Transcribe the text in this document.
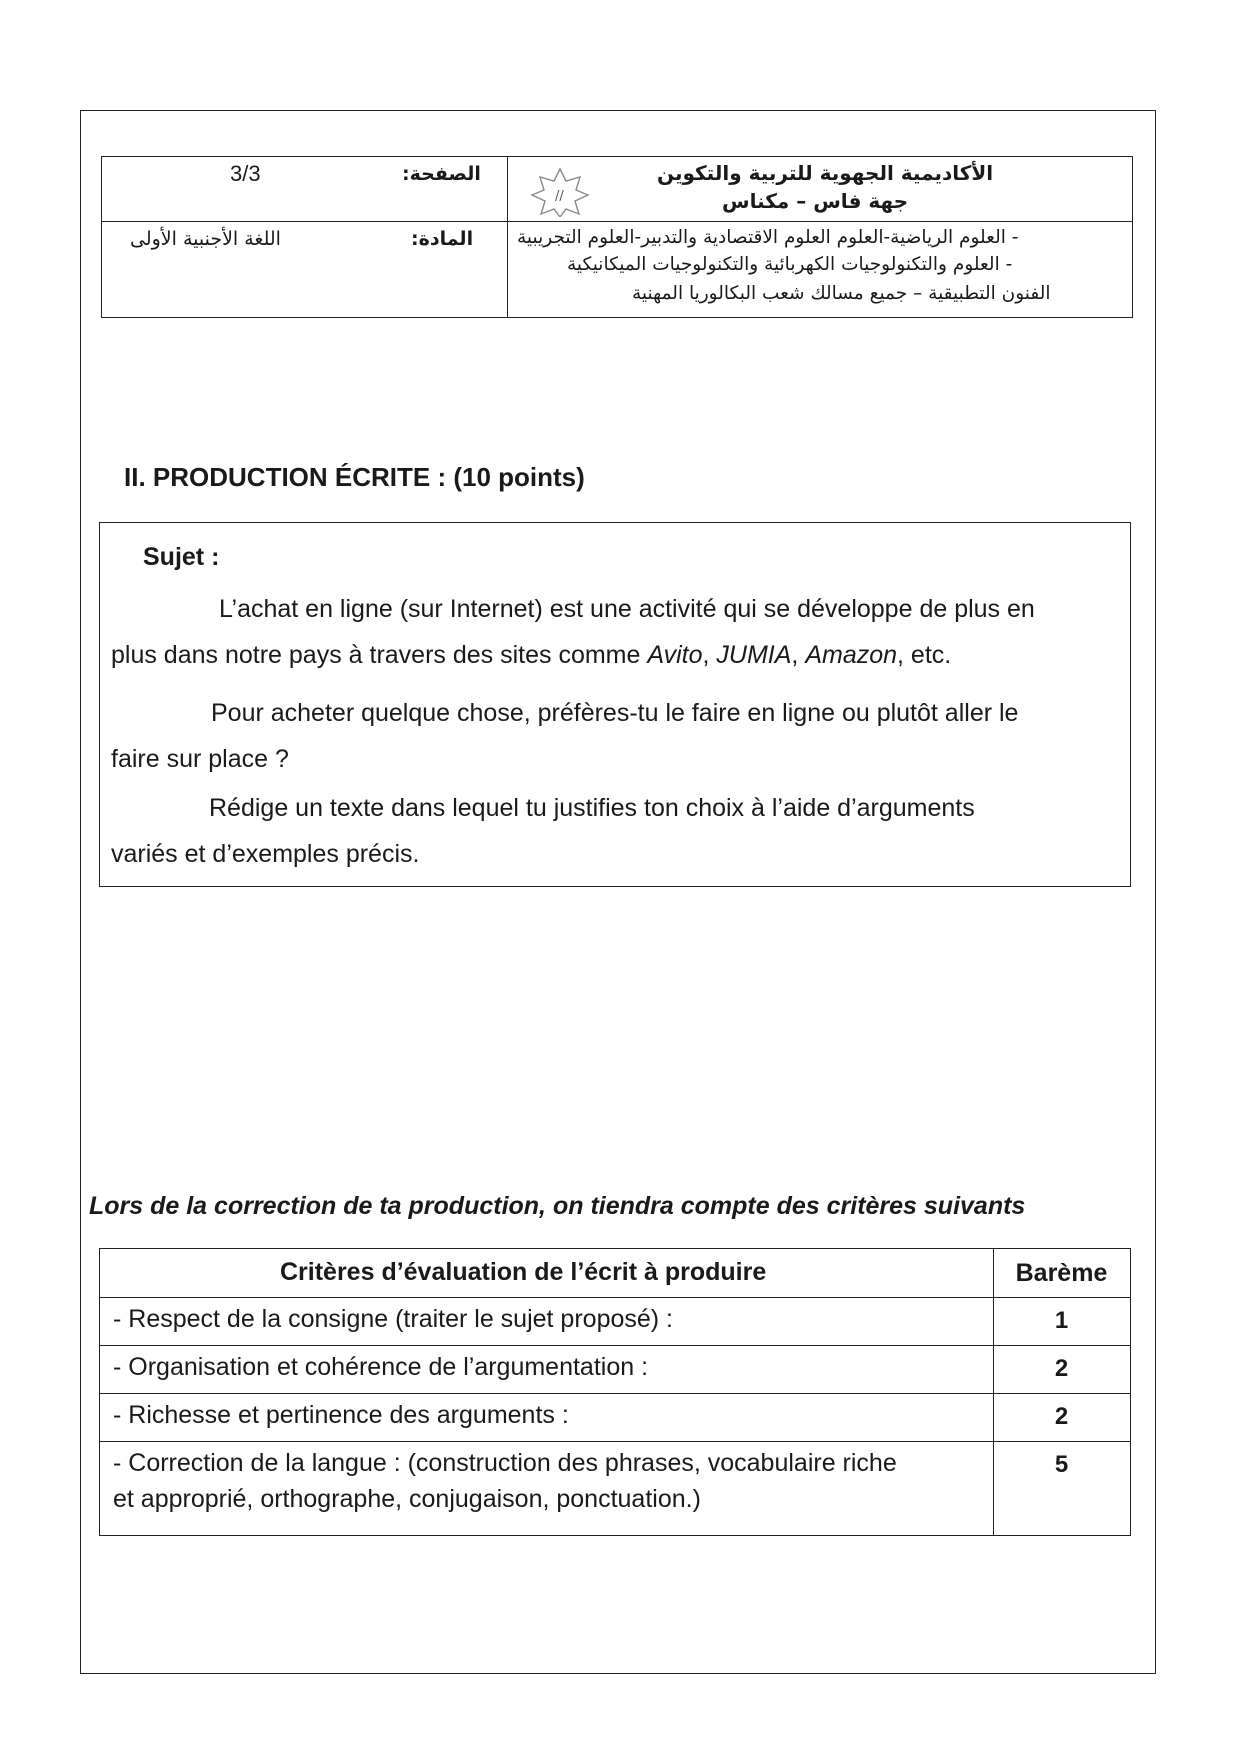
3/3	الصفحة:
اللغة الأجنبية الأولى	المادة:
الأكاديمية الجهوية للتربية والتكوين
جهة فاس – مكناس
//
- العلوم الرياضية-العلوم العلوم الاقتصادية والتدبير-العلوم التجريبية
- العلوم والتكنولوجيات الكهربائية والتكنولوجيات الميكانيكية
الفنون التطبيقية – جميع مسالك شعب البكالوريا المهنية
II. PRODUCTION ÉCRITE : (10 points)
Sujet :
L’achat en ligne (sur Internet) est une activité qui se développe de plus en
plus dans notre pays à travers des sites comme Avito, JUMIA, Amazon, etc.
Pour acheter quelque chose, préfères-tu le faire en ligne ou plutôt aller le
faire sur place ?
Rédige un texte dans lequel tu justifies ton choix à l’aide d’arguments
variés et d’exemples précis.
Lors de la correction de ta production, on tiendra compte des critères suivants
Critères d’évaluation de l’écrit à produire	Barème
- Respect de la consigne (traiter le sujet proposé) :	1
- Organisation et cohérence de l’argumentation :	2
- Richesse et pertinence des arguments :	2
- Correction de la langue : (construction des phrases, vocabulaire riche
et approprié, orthographe, conjugaison, ponctuation.)
5
